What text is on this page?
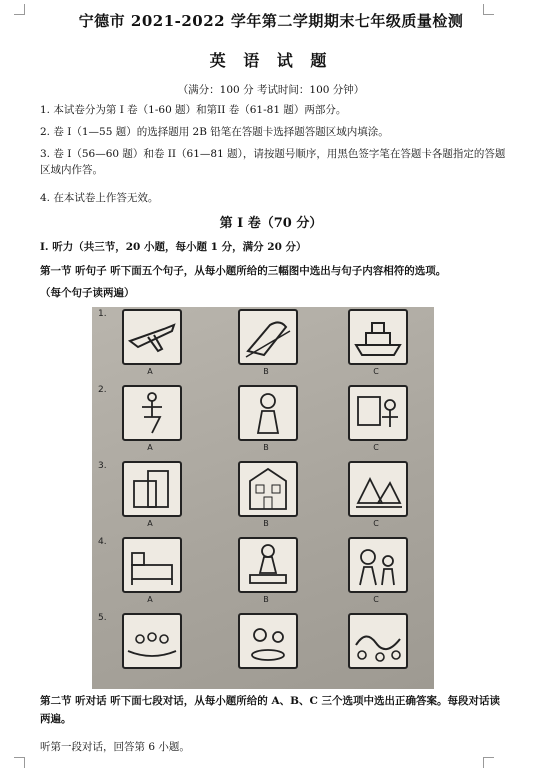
宁德市 2021-2022 学年第二学期期末七年级质量检测
英 语 试 题
（满分：100 分 考试时间：100 分钟）
1. 本试卷分为第 I 卷（1-60 题）和第II 卷（61-81 题）两部分。
2. 卷 I（1—55 题）的选择题用 2B 铅笔在答题卡选择题答题区域内填涂。
3. 卷 I（56—60 题）和卷 II（61—81 题），请按题号顺序，用黑色签字笔在答题卡各题指定的答题区域内作答。
4. 在本试卷上作答无效。
第 I 卷（70 分）
I. 听力（共三节，20 小题，每小题 1 分，满分 20 分）
第一节 听句子 听下面五个句子，从每小题所给的三幅图中选出与句子内容相符的选项。
（每个句子读两遍）
1.
A	B	C
2.
A	B	C
3.
A	B	C
4.
A	B	C
5.
第二节 听对话 听下面七段对话，从每小题所给的 A、B、C 三个选项中选出正确答案。每段对话读两遍。
听第一段对话，回答第 6 小题。
